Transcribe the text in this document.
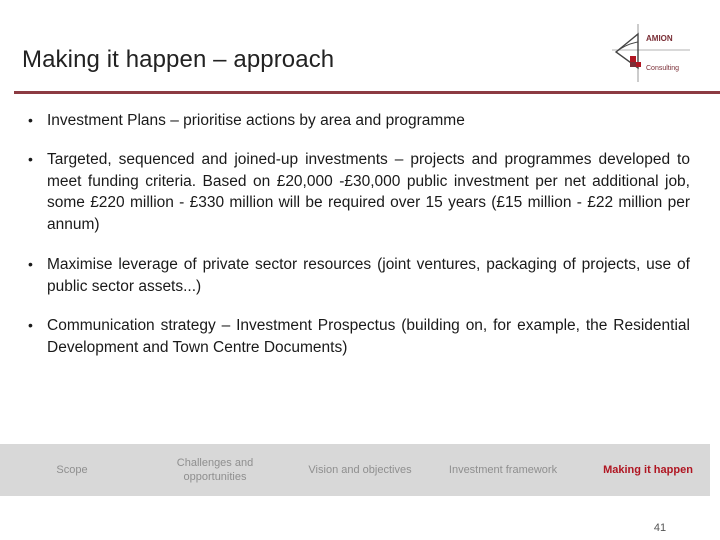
Making it happen – approach
AMION
Consulting
• Investment Plans – prioritise actions by area and programme
• Targeted, sequenced and joined-up investments – projects and programmes developed to meet funding criteria. Based on £20,000 -£30,000 public investment per net additional job, some £220 million - £330 million will be required over 15 years (£15 million - £22 million per annum)
• Maximise leverage of private sector resources (joint ventures, packaging of projects, use of public sector assets...)
• Communication strategy – Investment Prospectus (building on, for example, the Residential Development and Town Centre Documents)
Scope
Challenges and opportunities
Vision and objectives	Investment framework	Making it happen
41
